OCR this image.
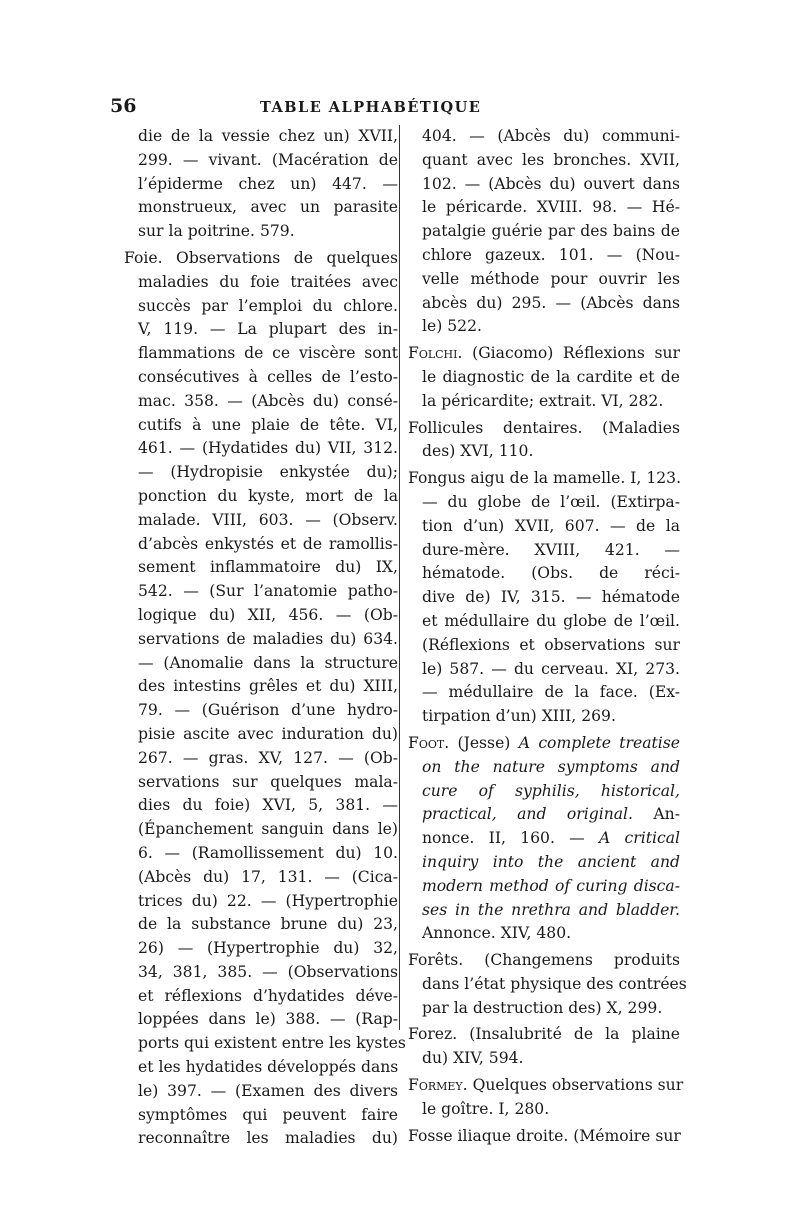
56	TABLE ALPHABÉTIQUE
die de la vessie chez un) XVII,
299. — vivant. (Macération de
l’épiderme chez un) 447. —
monstrueux, avec un parasite
sur la poitrine. 579.
Foie. Observations de quelques
maladies du foie traitées avec
succès par l’emploi du chlore.
V, 119. — La plupart des in-
flammations de ce viscère sont
consécutives à celles de l’esto-
mac. 358. — (Abcès du) consé-
cutifs à une plaie de tête. VI,
461. — (Hydatides du) VII, 312.
— (Hydropisie enkystée du);
ponction du kyste, mort de la
malade. VIII, 603. — (Observ.
d’abcès enkystés et de ramollis-
sement inflammatoire du) IX,
542. — (Sur l’anatomie patho-
logique du) XII, 456. — (Ob-
servations de maladies du) 634.
— (Anomalie dans la structure
des intestins grêles et du) XIII,
79. — (Guérison d’une hydro-
pisie ascite avec induration du)
267. — gras. XV, 127. — (Ob-
servations sur quelques mala-
dies du foie) XVI, 5, 381. —
(Épanchement sanguin dans le)
6. — (Ramollissement du) 10.
(Abcès du) 17, 131. — (Cica-
trices du) 22. — (Hypertrophie
de la substance brune du) 23,
26) — (Hypertrophie du) 32,
34, 381, 385. — (Observations
et réflexions d’hydatides déve-
loppées dans le) 388. — (Rap-
ports qui existent entre les kystes
et les hydatides développés dans
le) 397. — (Examen des divers
symptômes qui peuvent faire
reconnaître les maladies du)
404. — (Abcès du) communi-
quant avec les bronches. XVII,
102. — (Abcès du) ouvert dans
le péricarde. XVIII. 98. — Hé-
patalgie guérie par des bains de
chlore gazeux. 101. — (Nou-
velle méthode pour ouvrir les
abcès du) 295. — (Abcès dans
le) 522.
Folchi. (Giacomo) Réflexions sur
le diagnostic de la cardite et de
la péricardite; extrait. VI, 282.
Follicules dentaires. (Maladies
des) XVI, 110.
Fongus aigu de la mamelle. I, 123.
— du globe de l’œil. (Extirpa-
tion d’un) XVII, 607. — de la
dure-mère. XVIII, 421. —
hématode. (Obs. de réci-
dive de) IV, 315. — hématode
et médullaire du globe de l’œil.
(Réflexions et observations sur
le) 587. — du cerveau. XI, 273.
— médullaire de la face. (Ex-
tirpation d’un) XIII, 269.
Foot. (Jesse) A complete treatise
on the nature symptoms and
cure of syphilis, historical,
practical, and original. An-
nonce. II, 160. — A critical
inquiry into the ancient and
modern method of curing disca-
ses in the nrethra and bladder.
Annonce. XIV, 480.
Forêts. (Changemens produits
dans l’état physique des contrées
par la destruction des) X, 299.
Forez. (Insalubrité de la plaine
du) XIV, 594.
Formey. Quelques observations sur
le goître. I, 280.
Fosse iliaque droite. (Mémoire sur
